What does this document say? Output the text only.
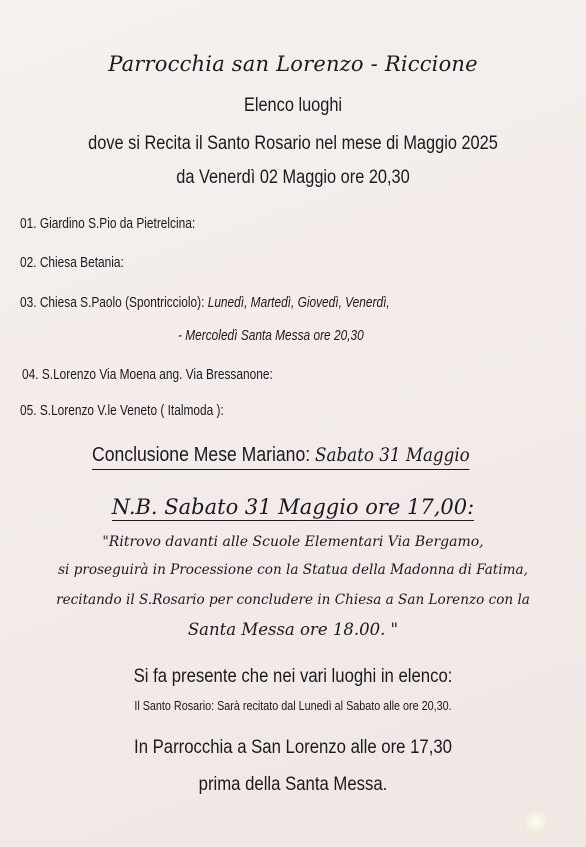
Parrocchia san Lorenzo - Riccione
Elenco luoghi
dove si Recita il Santo Rosario nel mese di Maggio 2025
da Venerdì 02 Maggio ore 20,30
01. Giardino S.Pio da Pietrelcina:
02. Chiesa Betania:
03. Chiesa S.Paolo (Spontricciolo): Lunedì, Martedì, Giovedì, Venerdì,
- Mercoledì Santa Messa ore 20,30
04. S.Lorenzo Via Moena ang. Via Bressanone:
05. S.Lorenzo V.le Veneto ( Italmoda ):
Conclusione Mese Mariano: Sabato 31 Maggio
N.B. Sabato 31 Maggio ore 17,00:
"Ritrovo davanti alle Scuole Elementari Via Bergamo,
si proseguirà in Processione con la Statua della Madonna di Fatima,
recitando il S.Rosario per concludere in Chiesa a San Lorenzo con la
Santa Messa ore 18.00. "
Si fa presente che nei vari luoghi in elenco:
Il Santo Rosario: Sarà recitato dal Lunedì al Sabato alle ore 20,30.
In Parrocchia a San Lorenzo alle ore 17,30
prima della Santa Messa.
